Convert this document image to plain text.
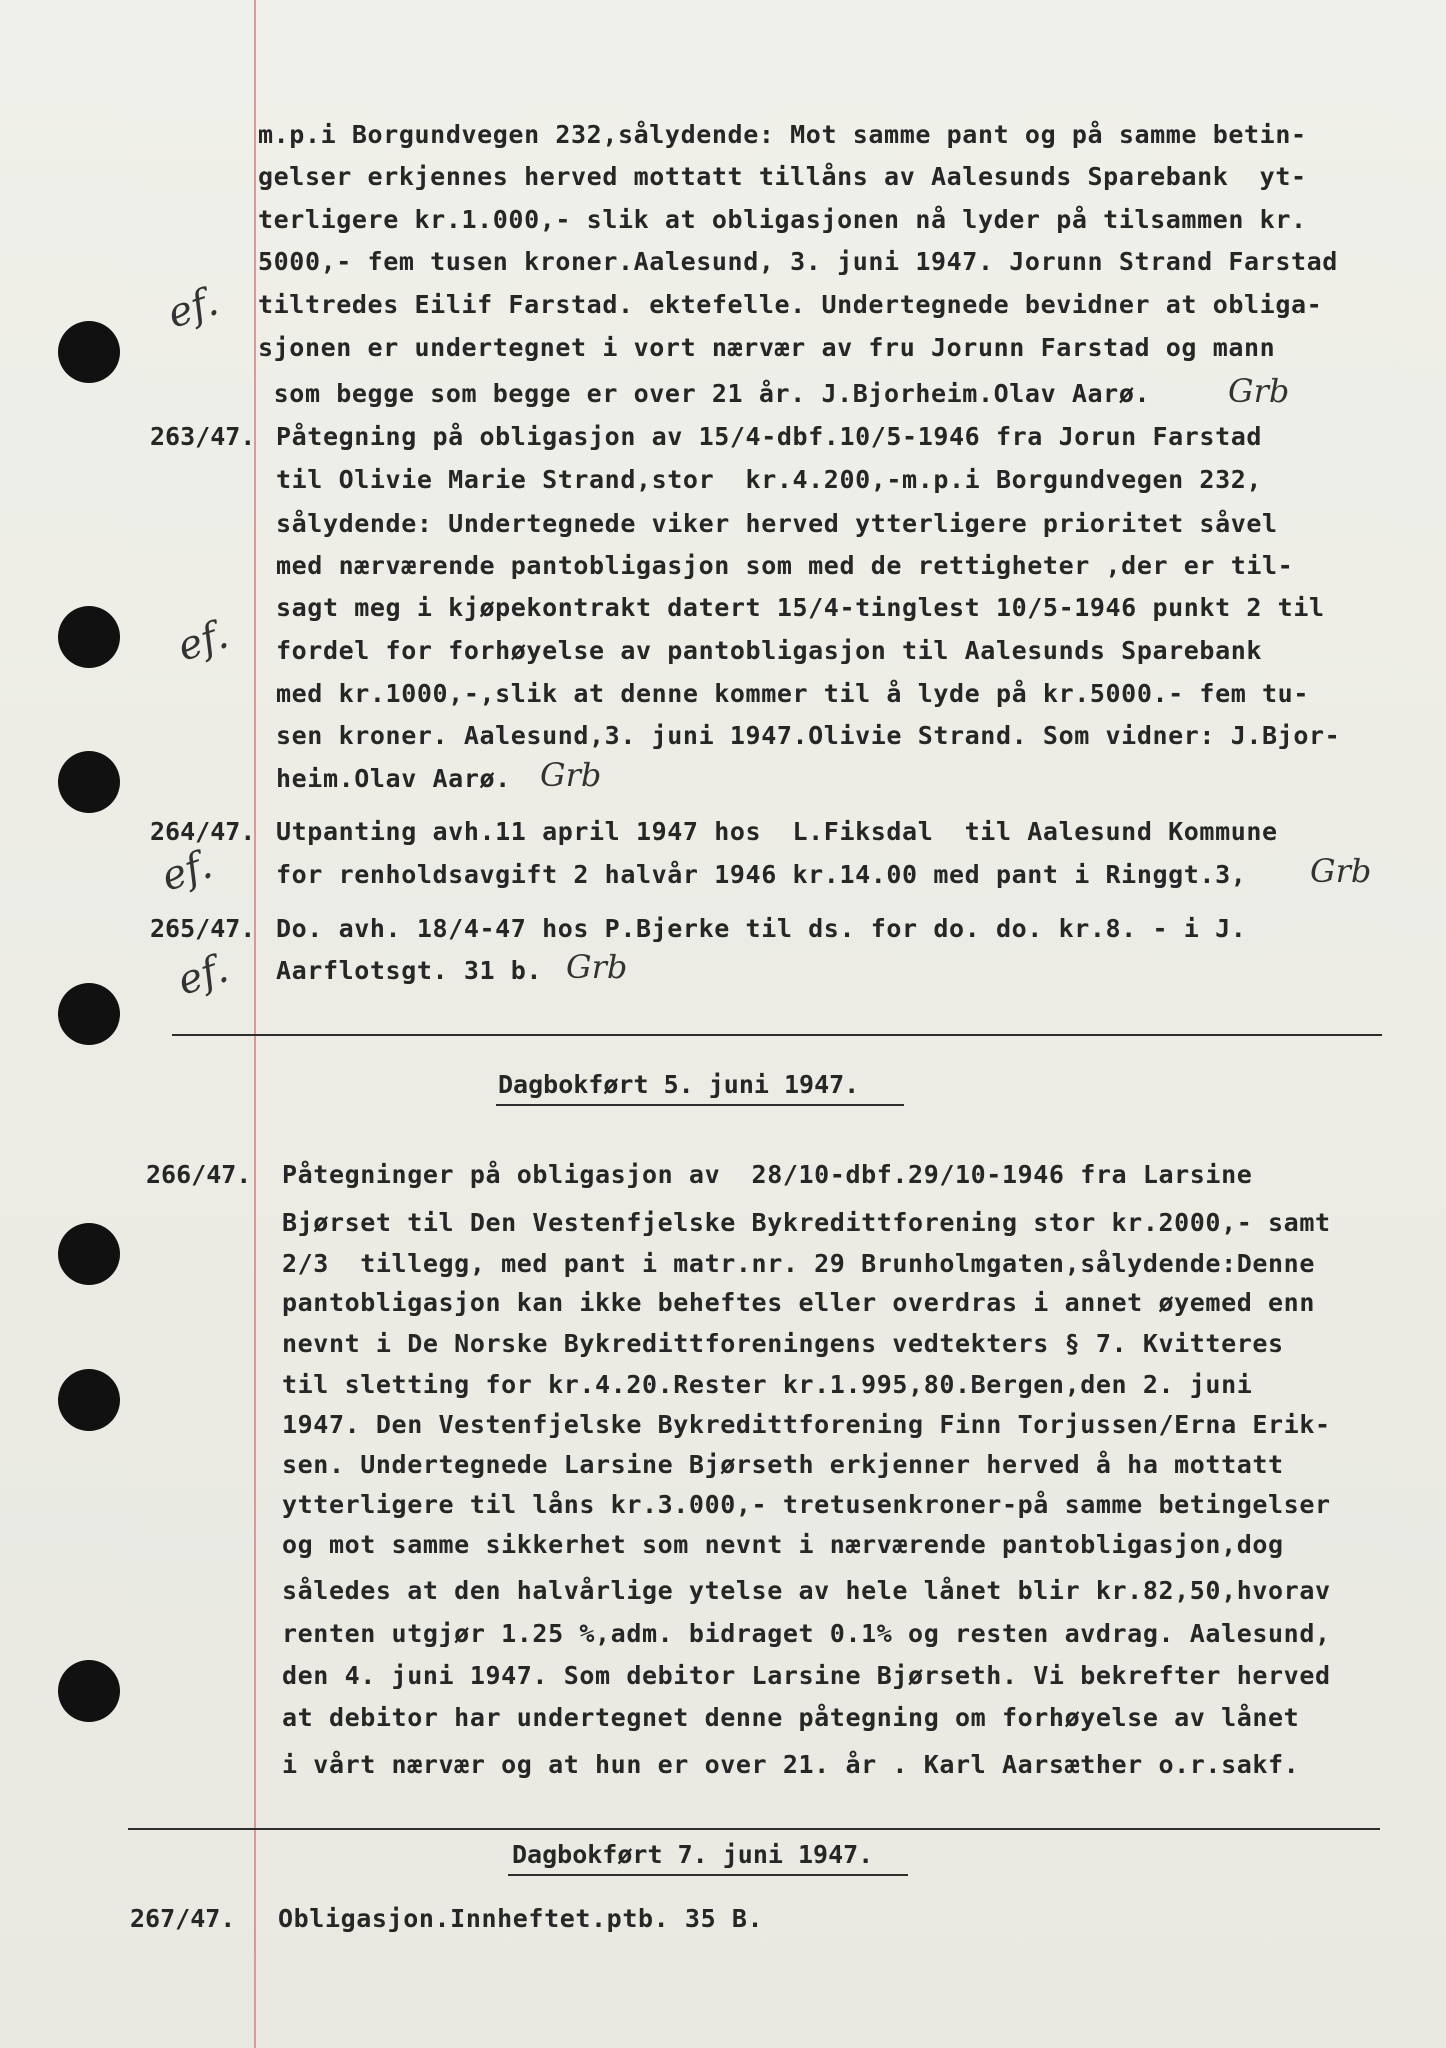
ef.
ef.
ef.
ef.
m.p.i Borgundvegen 232,sålydende: Mot samme pant og på samme betin-
gelser erkjennes herved mottatt tillåns av Aalesunds Sparebank  yt-
terligere kr.1.000,- slik at obligasjonen nå lyder på tilsammen kr.
5000,- fem tusen kroner.Aalesund, 3. juni 1947. Jorunn Strand Farstad
tiltredes Eilif Farstad. ektefelle. Undertegnede bevidner at obliga-
sjonen er undertegnet i vort nærvær av fru Jorunn Farstad og mann
som begge som begge er over 21 år. J.Bjorheim.Olav Aarø. Grb
263/47. Påtegning på obligasjon av 15/4-dbf.10/5-1946 fra Jorun Farstad
til Olivie Marie Strand,stor  kr.4.200,-m.p.i Borgundvegen 232,
sålydende: Undertegnede viker herved ytterligere prioritet såvel
med nærværende pantobligasjon som med de rettigheter ,der er til-
sagt meg i kjøpekontrakt datert 15/4-tinglest 10/5-1946 punkt 2 til
fordel for forhøyelse av pantobligasjon til Aalesunds Sparebank
med kr.1000,-,slik at denne kommer til å lyde på kr.5000.- fem tu-
sen kroner. Aalesund,3. juni 1947.Olivie Strand. Som vidner: J.Bjor-
heim.Olav Aarø. Grb
264/47. Utpanting avh.11 april 1947 hos  L.Fiksdal  til Aalesund Kommune
for renholdsavgift 2 halvår 1946 kr.14.00 med pant i Ringgt.3, Grb
265/47. Do. avh. 18/4-47 hos P.Bjerke til ds. for do. do. kr.8. - i J.
Aarflotsgt. 31 b. Grb
Dagbokført 5. juni 1947.
266/47. Påtegninger på obligasjon av  28/10-dbf.29/10-1946 fra Larsine
Bjørset til Den Vestenfjelske Bykredittforening stor kr.2000,- samt
2/3  tillegg, med pant i matr.nr. 29 Brunholmgaten,sålydende:Denne
pantobligasjon kan ikke beheftes eller overdras i annet øyemed enn
nevnt i De Norske Bykredittforeningens vedtekters § 7. Kvitteres
til sletting for kr.4.20.Rester kr.1.995,80.Bergen,den 2. juni
1947. Den Vestenfjelske Bykredittforening Finn Torjussen/Erna Erik-
sen. Undertegnede Larsine Bjørseth erkjenner herved å ha mottatt
ytterligere til låns kr.3.000,- tretusenkroner-på samme betingelser
og mot samme sikkerhet som nevnt i nærværende pantobligasjon,dog
således at den halvårlige ytelse av hele lånet blir kr.82,50,hvorav
renten utgjør 1.25 %,adm. bidraget 0.1% og resten avdrag. Aalesund,
den 4. juni 1947. Som debitor Larsine Bjørseth. Vi bekrefter herved
at debitor har undertegnet denne påtegning om forhøyelse av lånet
i vårt nærvær og at hun er over 21. år . Karl Aarsæther o.r.sakf.
Dagbokført 7. juni 1947.
267/47. Obligasjon.Innheftet.ptb. 35 B.
